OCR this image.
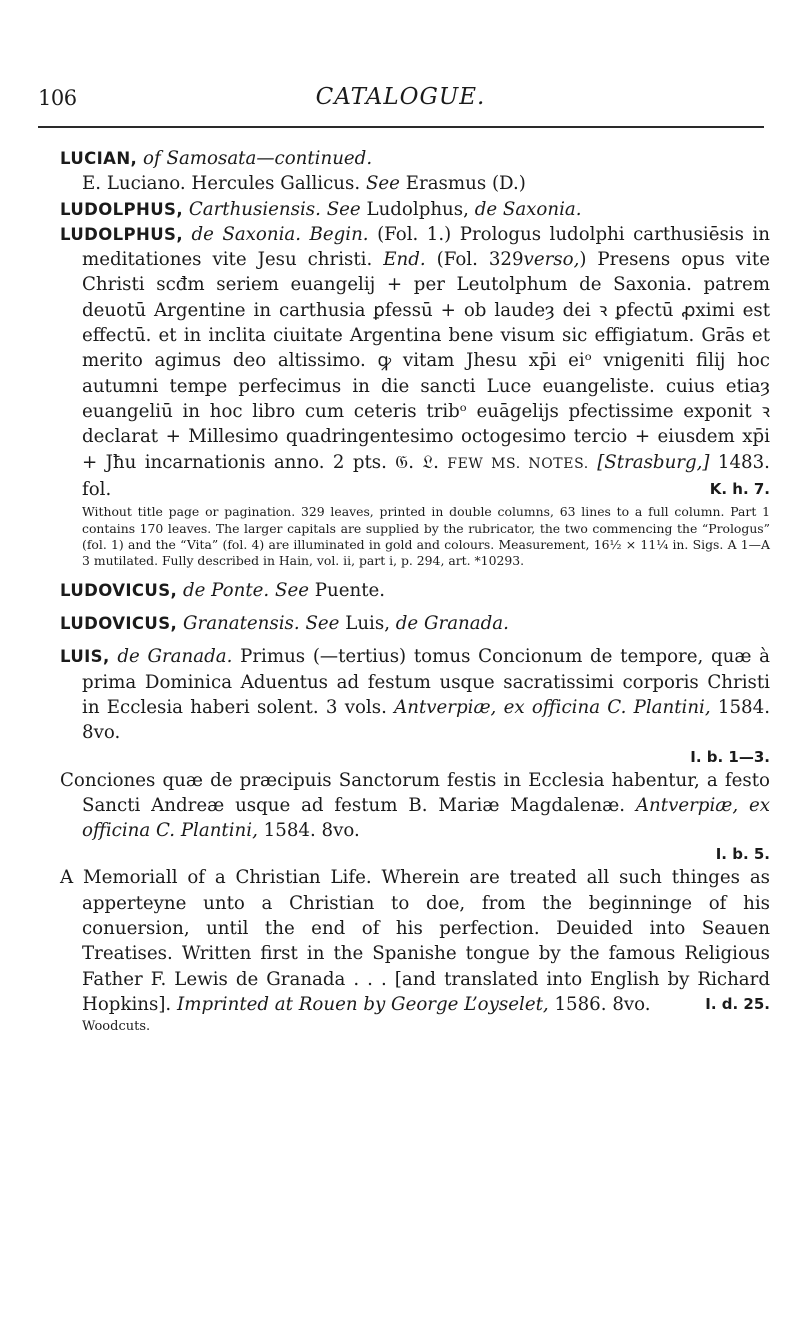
106	CATALOGUE.

LUCIAN, of Samosata—continued.

E. Luciano. Hercules Gallicus. See Erasmus (D.)

LUDOLPHUS, Carthusiensis. See Ludolphus, de Saxonia.

LUDOLPHUS, de Saxonia. Begin. (Fol. 1.) Prologus ludolphi carthusiēsis in meditationes vite Jesu christi. End. (Fol. 329verso,) Presens opus vite Christi scđm seriem euangelij + per Leutolphum de Saxonia. patrem deuotū Argentine in carthusia ꝑfessū + ob laudeȝ dei ꝛ ꝑfectū ꝓximi est effectū. et in inclita ciuitate Argentina bene visum sic effigiatum. Grās et merito agimus deo altissimo. ꝙ vitam Jhesu xp̄i eiᵒ vnigeniti filij hoc autumni tempe perfecimus in die sancti Luce euangeliste. cuius etiaȝ euangeliū in hoc libro cum ceteris tribᵒ euāgelijs pfectissime exponit ꝛ declarat + Millesimo quadringentesimo octogesimo tercio + eiusdem xp̄i + Jħu incarnationis anno. 2 pts. 𝔊. 𝔏. FEW MS. NOTES. [Strasburg,] 1483. fol.	K. h. 7.

Without title page or pagination. 329 leaves, printed in double columns, 63 lines to a full column. Part 1 contains 170 leaves. The larger capitals are supplied by the rubricator, the two commencing the “Prologus” (fol. 1) and the “Vita” (fol. 4) are illuminated in gold and colours. Measurement, 16½ × 11¼ in. Sigs. A 1—A 3 mutilated. Fully described in Hain, vol. ii, part i, p. 294, art. *10293.

LUDOVICUS, de Ponte. See Puente.

LUDOVICUS, Granatensis. See Luis, de Granada.

LUIS, de Granada. Primus (—tertius) tomus Concionum de tempore, quæ à prima Dominica Aduentus ad festum usque sacratissimi corporis Christi in Ecclesia haberi solent. 3 vols. Antverpiæ, ex officina C. Plantini, 1584. 8vo.

I. b. 1—3.

Conciones quæ de præcipuis Sanctorum festis in Ecclesia habentur, a festo Sancti Andreæ usque ad festum B. Mariæ Magdalenæ. Antverpiæ, ex officina C. Plantini, 1584. 8vo.

I. b. 5.

A Memoriall of a Christian Life. Wherein are treated all such thinges as apperteyne unto a Christian to doe, from the beginninge of his conuersion, until the end of his perfection. Deuided into Seauen Treatises. Written first in the Spanishe tongue by the famous Religious Father F. Lewis de Granada . . . [and translated into English by Richard Hopkins]. Imprinted at Rouen by George L’oyselet, 1586. 8vo.	I. d. 25.

Woodcuts.
